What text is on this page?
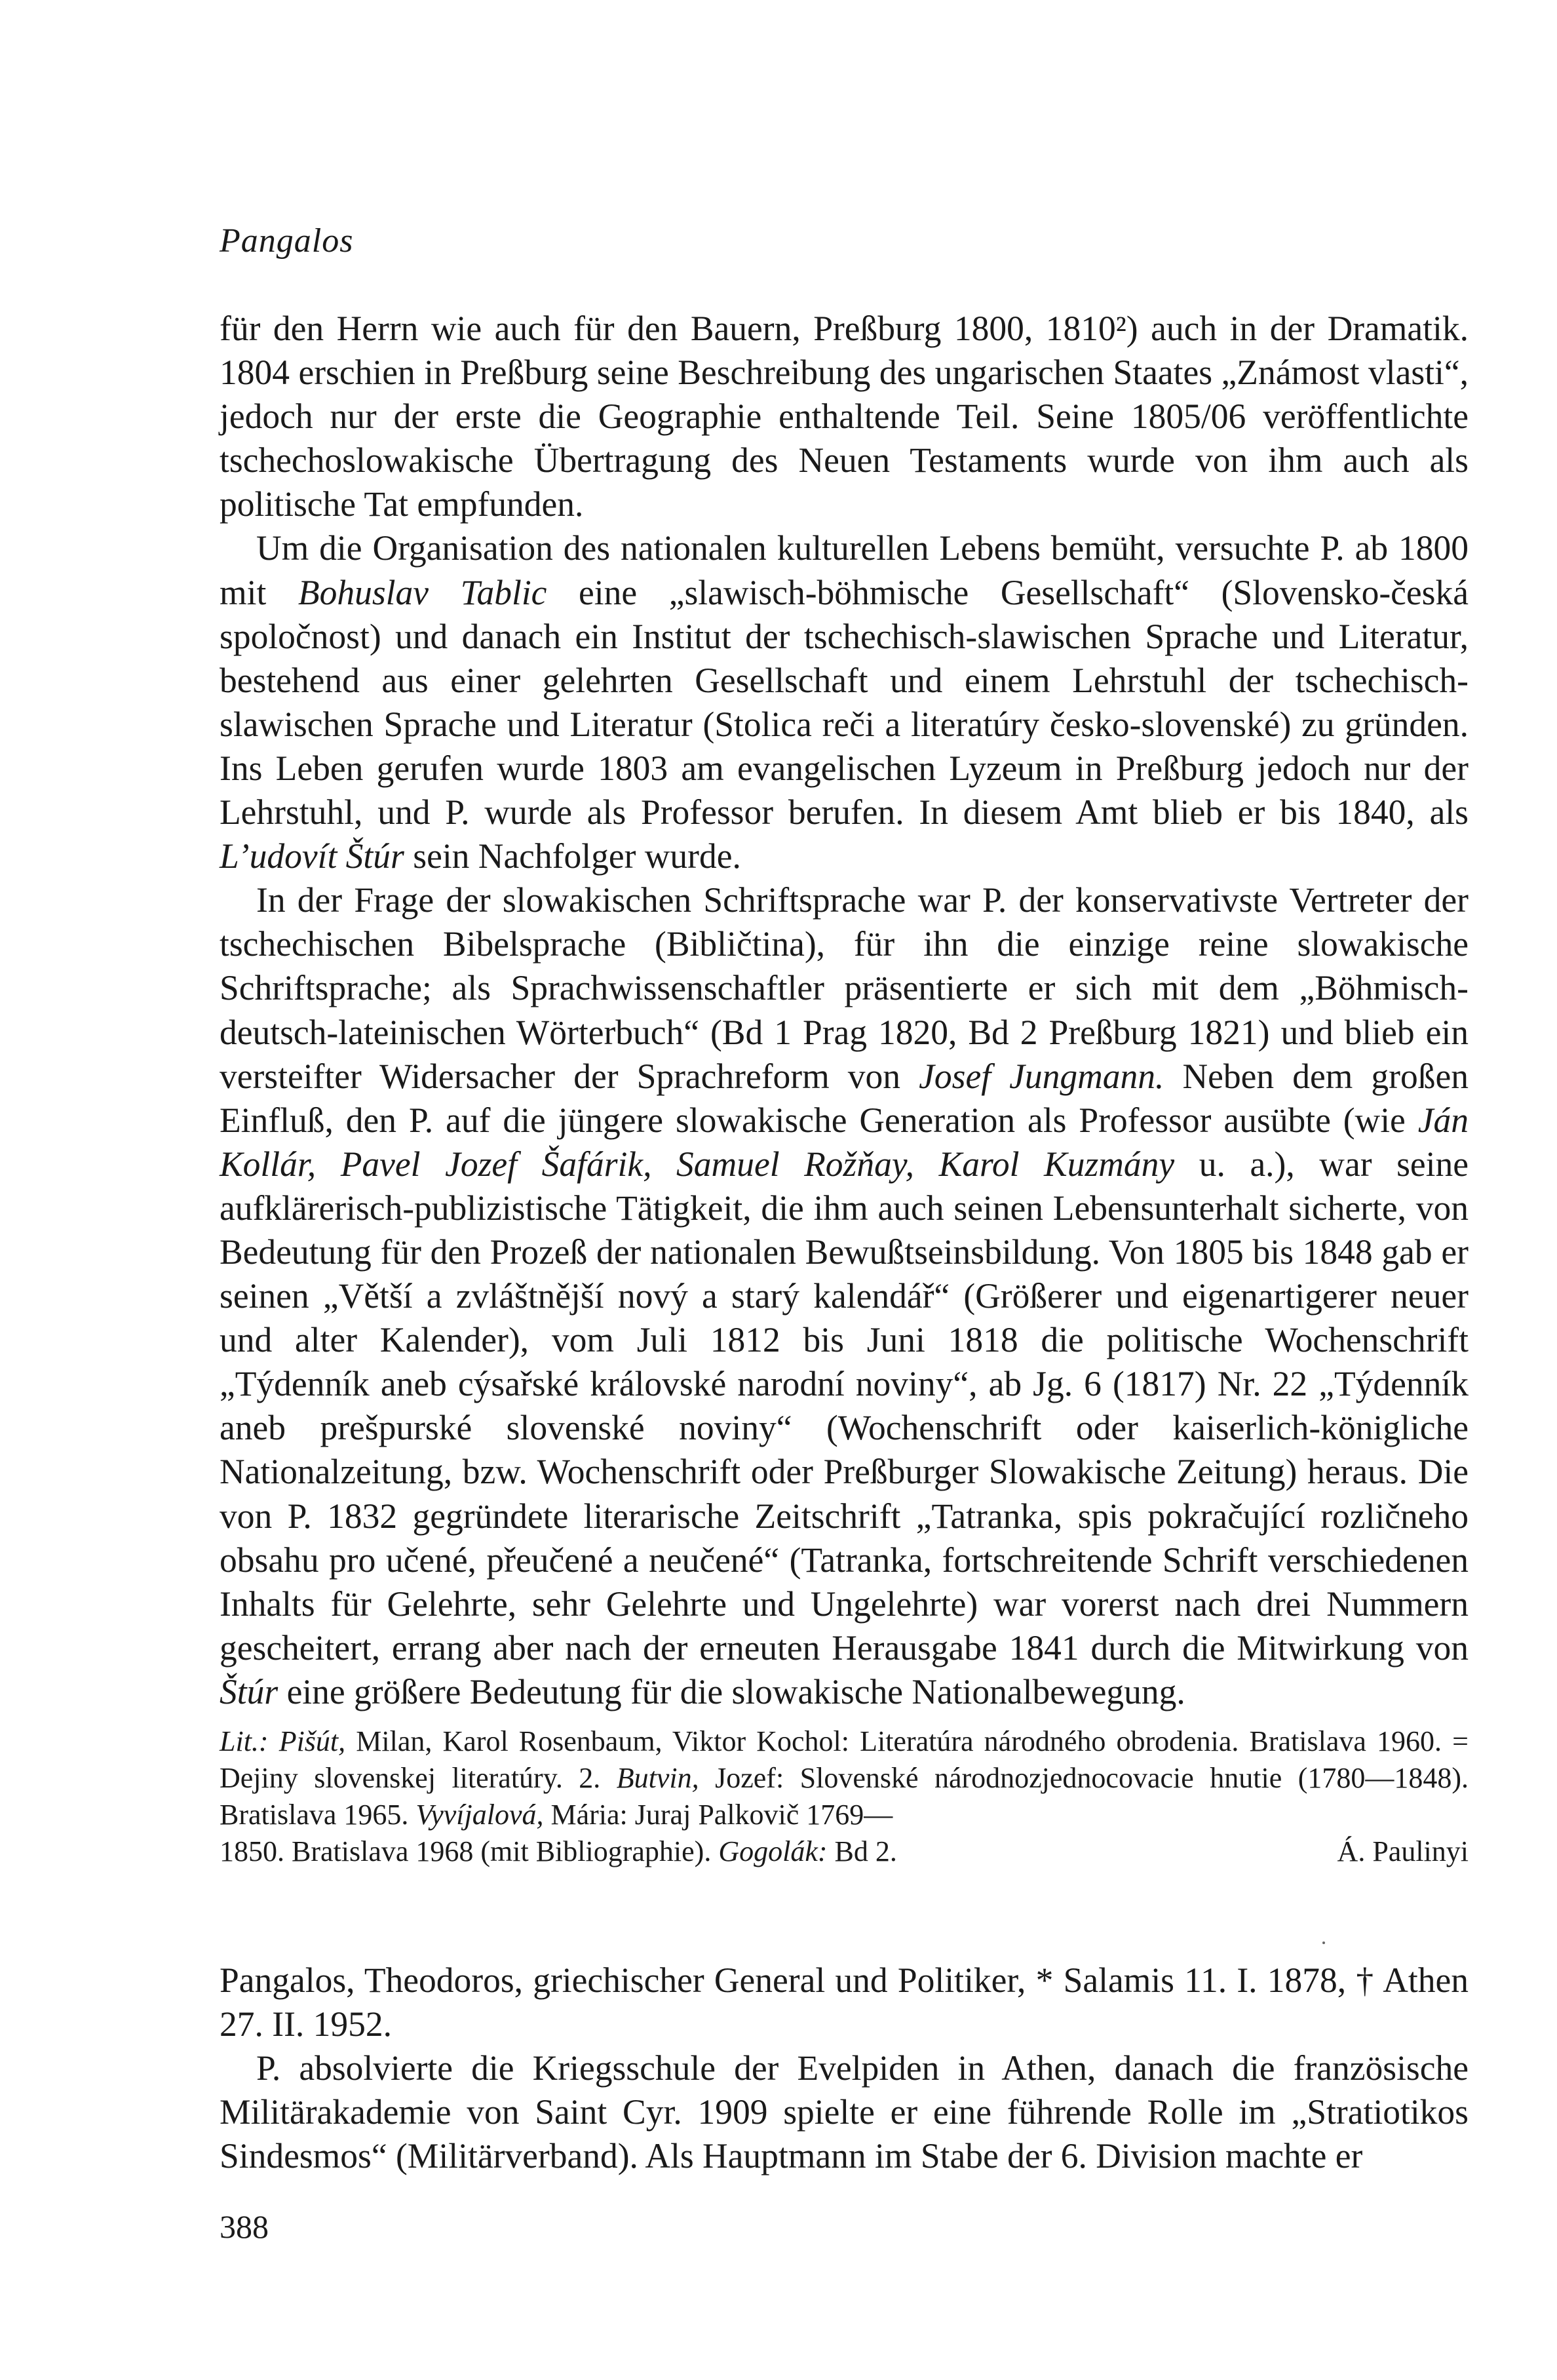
Pangalos

für den Herrn wie auch für den Bauern, Preßburg 1800, 1810²) auch in der Dramatik. 1804 erschien in Preßburg seine Beschreibung des ungarischen Staates „Známost vlasti“, jedoch nur der erste die Geographie enthaltende Teil. Seine 1805/06 veröffentlichte tschechoslowakische Übertragung des Neuen Testaments wurde von ihm auch als politische Tat empfunden.

Um die Organisation des nationalen kulturellen Lebens bemüht, versuchte P. ab 1800 mit Bohuslav Tablic eine „slawisch-böhmische Gesellschaft“ (Slovensko-česká spoločnost) und danach ein Institut der tschechisch-slawischen Sprache und Literatur, bestehend aus einer gelehrten Gesellschaft und einem Lehrstuhl der tschechisch-slawischen Sprache und Literatur (Stolica reči a literatúry česko-slovenské) zu gründen. Ins Leben gerufen wurde 1803 am evangelischen Lyzeum in Preßburg jedoch nur der Lehrstuhl, und P. wurde als Professor berufen. In diesem Amt blieb er bis 1840, als L’udovít Štúr sein Nachfolger wurde.

In der Frage der slowakischen Schriftsprache war P. der konservativste Vertreter der tschechischen Bibelsprache (Bibličtina), für ihn die einzige reine slowakische Schriftsprache; als Sprachwissenschaftler präsentierte er sich mit dem „Böhmisch-deutsch-lateinischen Wörterbuch“ (Bd 1 Prag 1820, Bd 2 Preßburg 1821) und blieb ein versteifter Widersacher der Sprachreform von Josef Jungmann. Neben dem großen Einfluß, den P. auf die jüngere slowakische Generation als Professor ausübte (wie Ján Kollár, Pavel Jozef Šafárik, Samuel Rožňay, Karol Kuzmány u. a.), war seine aufklärerisch-publizistische Tätigkeit, die ihm auch seinen Lebensunterhalt sicherte, von Bedeutung für den Prozeß der nationalen Bewußtseinsbildung. Von 1805 bis 1848 gab er seinen „Větší a zvláštnější nový a starý kalendář“ (Größerer und eigenartigerer neuer und alter Kalender), vom Juli 1812 bis Juni 1818 die politische Wochenschrift „Týdenník aneb cýsařské královské narodní noviny“, ab Jg. 6 (1817) Nr. 22 „Týdenník aneb prešpurské slovenské noviny“ (Wochenschrift oder kaiserlich-königliche Nationalzeitung, bzw. Wochenschrift oder Preßburger Slowakische Zeitung) heraus. Die von P. 1832 gegründete literarische Zeitschrift „Tatranka, spis pokračující rozličneho obsahu pro učené, přeučené a neučené“ (Tatranka, fortschreitende Schrift verschiedenen Inhalts für Gelehrte, sehr Gelehrte und Ungelehrte) war vorerst nach drei Nummern gescheitert, errang aber nach der erneuten Herausgabe 1841 durch die Mitwirkung von Štúr eine größere Bedeutung für die slowakische Nationalbewegung.

Lit.: Pišút, Milan, Karol Rosenbaum, Viktor Kochol: Literatúra národného obrodenia. Bratislava 1960. = Dejiny slovenskej literatúry. 2. Butvin, Jozef: Slovenské národnozjednocovacie hnutie (1780—1848). Bratislava 1965. Vyvíjalová, Mária: Juraj Palkovič 1769—
1850. Bratislava 1968 (mit Bibliographie). Gogolák: Bd 2.	Á. Paulinyi

Pangalos, Theodoros, griechischer General und Politiker, * Salamis 11. I. 1878, † Athen 27. II. 1952.

P. absolvierte die Kriegsschule der Evelpiden in Athen, danach die französische Militärakademie von Saint Cyr. 1909 spielte er eine führende Rolle im „Stratiotikos Sindesmos“ (Militärverband). Als Hauptmann im Stabe der 6. Division machte er

388
